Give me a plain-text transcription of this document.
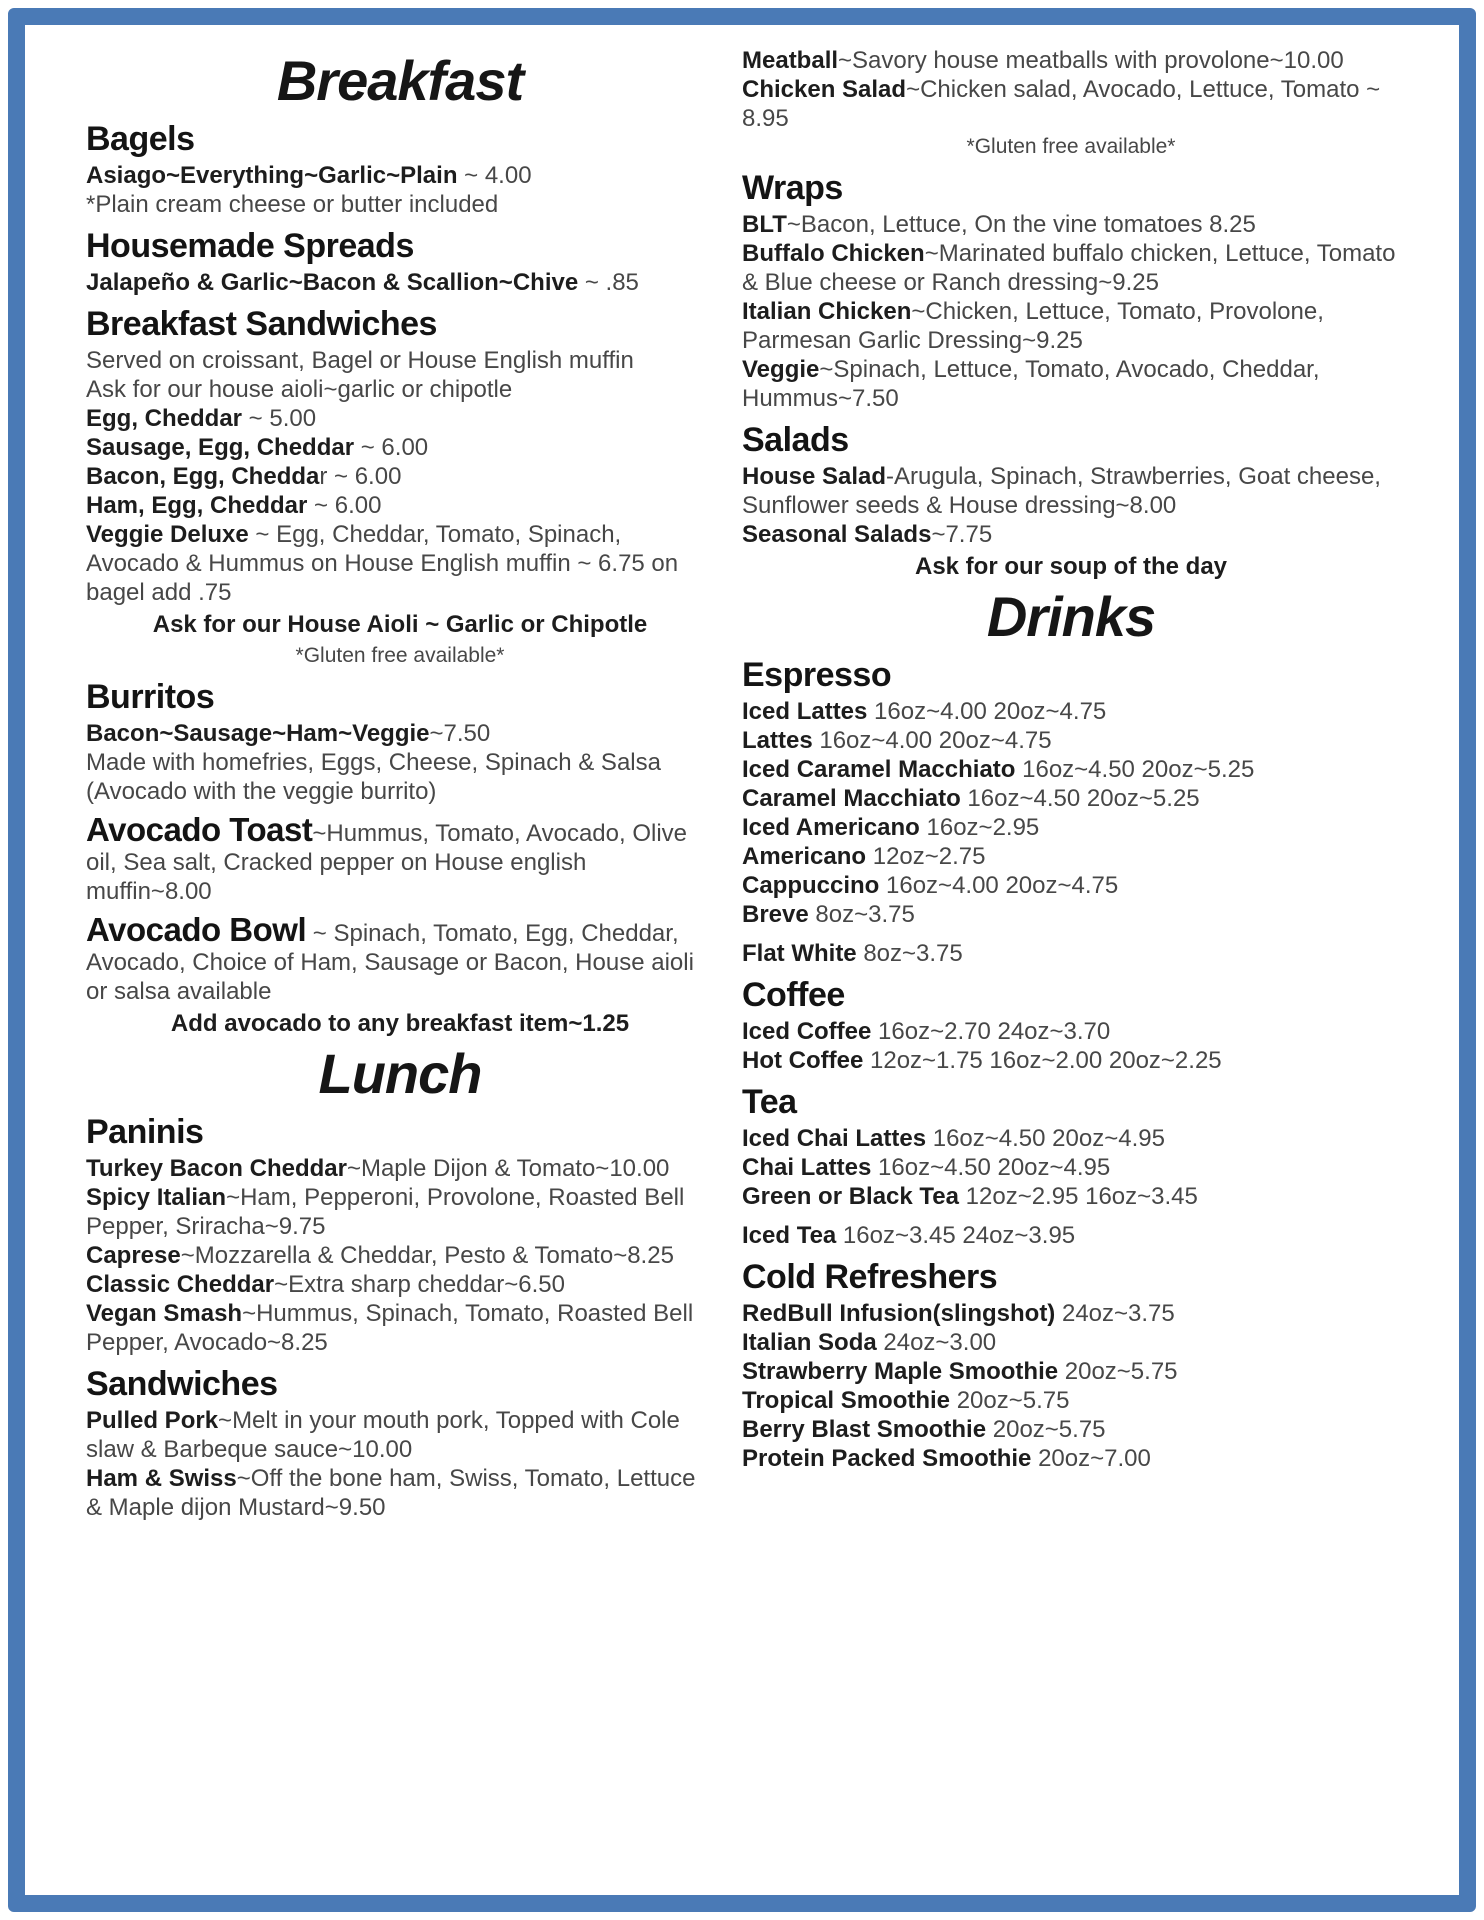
Breakfast
Bagels

Asiago~Everything~Garlic~Plain ~ 4.00

*Plain cream cheese or butter included

Housemade Spreads

Jalapeño & Garlic~Bacon & Scallion~Chive ~ .85

Breakfast Sandwiches

Served on croissant, Bagel or House English muffin

Ask for our house aioli~garlic or chipotle

Egg, Cheddar ~ 5.00

Sausage, Egg, Cheddar ~ 6.00

Bacon, Egg, Cheddar ~ 6.00

Ham, Egg, Cheddar ~ 6.00

Veggie Deluxe ~ Egg, Cheddar, Tomato, Spinach, Avocado & Hummus on House English muffin ~ 6.75 on bagel add .75

Ask for our House Aioli ~ Garlic or Chipotle

*Gluten free available*

Burritos

Bacon~Sausage~Ham~Veggie~7.50

Made with homefries, Eggs, Cheese, Spinach & Salsa

(Avocado with the veggie burrito)

Avocado Toast~Hummus, Tomato, Avocado, Olive oil, Sea salt, Cracked pepper on House english muffin~8.00

Avocado Bowl ~ Spinach, Tomato, Egg, Cheddar, Avocado, Choice of Ham, Sausage or Bacon, House aioli or salsa available

Add avocado to any breakfast item~1.25

Lunch
Paninis

Turkey Bacon Cheddar~Maple Dijon & Tomato~10.00

Spicy Italian~Ham, Pepperoni, Provolone, Roasted Bell Pepper, Sriracha~9.75

Caprese~Mozzarella & Cheddar, Pesto & Tomato~8.25

Classic Cheddar~Extra sharp cheddar~6.50

Vegan Smash~Hummus, Spinach, Tomato, Roasted Bell Pepper, Avocado~8.25

Sandwiches

Pulled Pork~Melt in your mouth pork, Topped with Cole slaw & Barbeque sauce~10.00

Ham & Swiss~Off the bone ham, Swiss, Tomato, Lettuce & Maple dijon Mustard~9.50

Meatball~Savory house meatballs with provolone~10.00

Chicken Salad~Chicken salad, Avocado, Lettuce, Tomato ~ 8.95

*Gluten free available*

Wraps

BLT~Bacon, Lettuce, On the vine tomatoes 8.25

Buffalo Chicken~Marinated buffalo chicken, Lettuce, Tomato & Blue cheese or Ranch dressing~9.25

Italian Chicken~Chicken, Lettuce, Tomato, Provolone, Parmesan Garlic Dressing~9.25

Veggie~Spinach, Lettuce, Tomato, Avocado, Cheddar, Hummus~7.50

Salads

House Salad-Arugula, Spinach, Strawberries, Goat cheese, Sunflower seeds & House dressing~8.00

Seasonal Salads~7.75

Ask for our soup of the day

Drinks
Espresso

Iced Lattes 16oz~4.00 20oz~4.75

Lattes 16oz~4.00 20oz~4.75

Iced Caramel Macchiato 16oz~4.50 20oz~5.25

Caramel Macchiato 16oz~4.50 20oz~5.25

Iced Americano 16oz~2.95

Americano 12oz~2.75

Cappuccino 16oz~4.00 20oz~4.75

Breve 8oz~3.75

Flat White 8oz~3.75

Coffee

Iced Coffee 16oz~2.70 24oz~3.70

Hot Coffee 12oz~1.75 16oz~2.00 20oz~2.25

Tea

Iced Chai Lattes 16oz~4.50 20oz~4.95

Chai Lattes 16oz~4.50 20oz~4.95

Green or Black Tea 12oz~2.95 16oz~3.45

Iced Tea 16oz~3.45 24oz~3.95

Cold Refreshers

RedBull Infusion(slingshot) 24oz~3.75

Italian Soda 24oz~3.00

Strawberry Maple Smoothie 20oz~5.75

Tropical Smoothie 20oz~5.75

Berry Blast Smoothie 20oz~5.75

Protein Packed Smoothie 20oz~7.00
